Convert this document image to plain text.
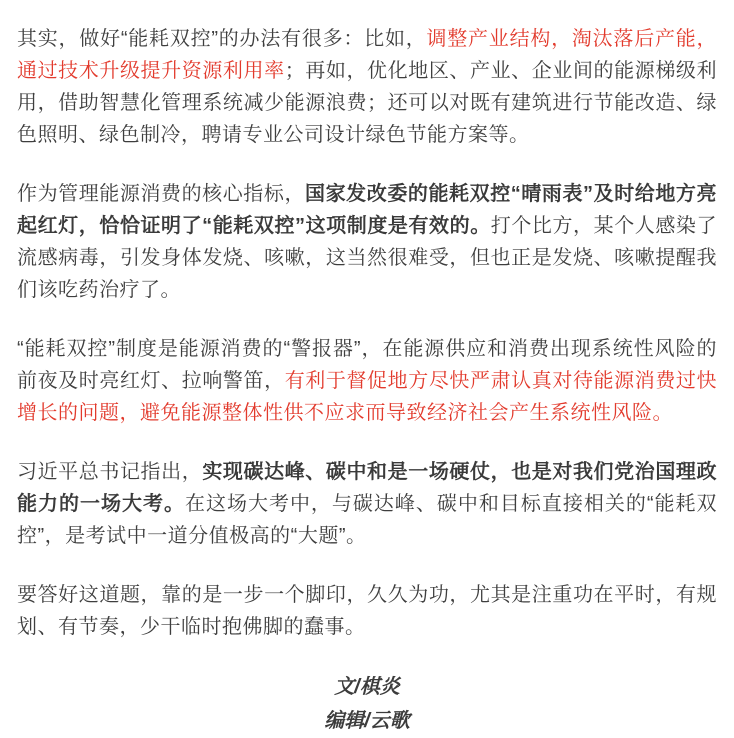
其实，做好“能耗双控”的办法有很多：比如，调整产业结构，淘汰落后产能，通过技术升级提升资源利用率；再如，优化地区、产业、企业间的能源梯级利用，借助智慧化管理系统减少能源浪费；还可以对既有建筑进行节能改造、绿色照明、绿色制冷，聘请专业公司设计绿色节能方案等。

作为管理能源消费的核心指标，国家发改委的能耗双控“晴雨表”及时给地方亮起红灯，恰恰证明了“能耗双控”这项制度是有效的。打个比方，某个人感染了流感病毒，引发身体发烧、咳嗽，这当然很难受，但也正是发烧、咳嗽提醒我们该吃药治疗了。

“能耗双控”制度是能源消费的“警报器”，在能源供应和消费出现系统性风险的前夜及时亮红灯、拉响警笛，有利于督促地方尽快严肃认真对待能源消费过快增长的问题，避免能源整体性供不应求而导致经济社会产生系统性风险。

习近平总书记指出，实现碳达峰、碳中和是一场硬仗，也是对我们党治国理政能力的一场大考。在这场大考中，与碳达峰、碳中和目标直接相关的“能耗双控”，是考试中一道分值极高的“大题”。

要答好这道题，靠的是一步一个脚印，久久为功，尤其是注重功在平时，有规划、有节奏，少干临时抱佛脚的蠢事。

文/棋炎
编辑/云歌
